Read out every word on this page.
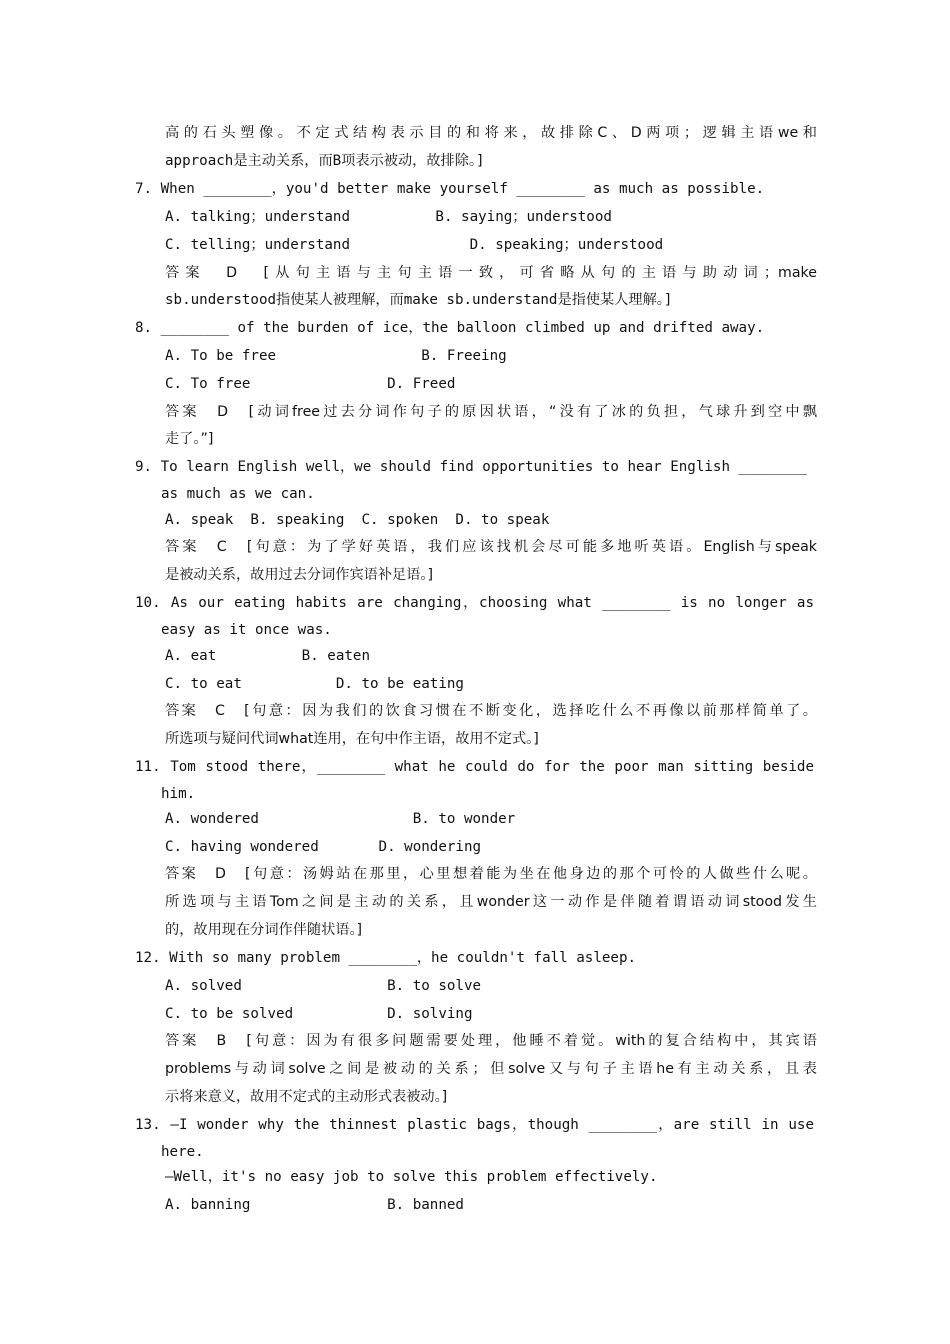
高的石头塑像。不定式结构表示目的和将来，故排除C、D两项；逻辑主语we和
approach是主动关系，而B项表示被动，故排除。]
7. When ________，you'd better make yourself ________ as much as possible.
A. talking；understand          B. saying；understood
C. telling；understand              D. speaking；understood
答案　D　[从句主语与主句主语一致，可省略从句的主语与助动词；make
sb.understood指使某人被理解，而make sb.understand是指使某人理解。]
8. ________ of the burden of ice，the balloon climbed up and drifted away.
A. To be free                 B. Freeing
C. To free                D. Freed
答案　D　[动词free过去分词作句子的原因状语，“没有了冰的负担，气球升到空中飘
走了。”]
9. To learn English well，we should find opportunities to hear English ________
as much as we can.
A. speak  B. speaking  C. spoken  D. to speak
答案　C　[句意：为了学好英语，我们应该找机会尽可能多地听英语。English与speak
是被动关系，故用过去分词作宾语补足语。]
10. As our eating habits are changing，choosing what ________ is no longer as
easy as it once was.
A. eat          B. eaten
C. to eat           D. to be eating
答案　C　[句意：因为我们的饮食习惯在不断变化，选择吃什么不再像以前那样简单了。
所选项与疑问代词what连用，在句中作主语，故用不定式。]
11. Tom stood there，________ what he could do for the poor man sitting beside
him.
A. wondered                  B. to wonder
C. having wondered       D. wondering
答案　D　[句意：汤姆站在那里，心里想着能为坐在他身边的那个可怜的人做些什么呢。
所选项与主语Tom之间是主动的关系，且wonder这一动作是伴随着谓语动词stood发生
的，故用现在分词作伴随状语。]
12. With so many problem ________，he couldn't fall asleep.
A. solved                 B. to solve
C. to be solved           D. solving
答案　B　[句意：因为有很多问题需要处理，他睡不着觉。with的复合结构中，其宾语
problems与动词solve之间是被动的关系；但solve又与句子主语he有主动关系，且表
示将来意义，故用不定式的主动形式表被动。]
13. —I wonder why the thinnest plastic bags，though ________，are still in use
here.
—Well，it's no easy job to solve this problem effectively.
A. banning                B. banned
